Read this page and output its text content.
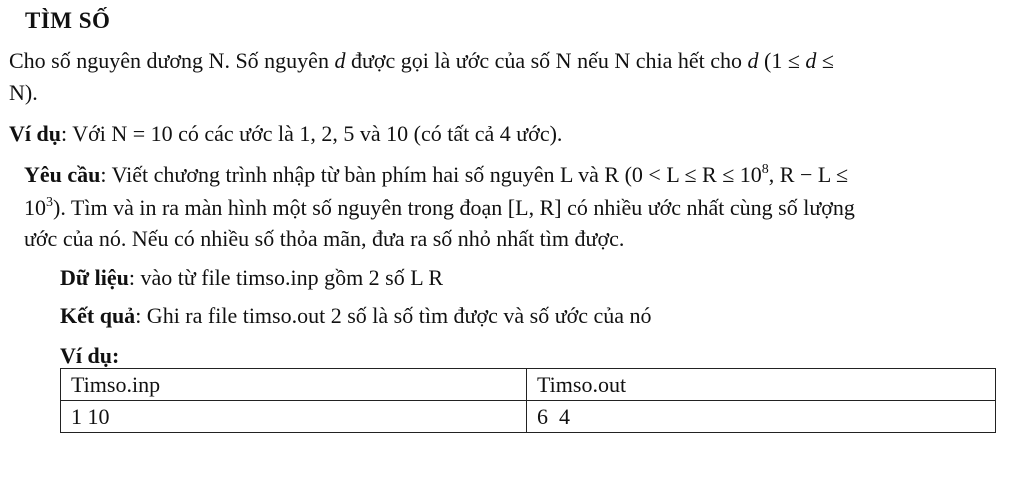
TÌM SỐ
Cho số nguyên dương N. Số nguyên d được gọi là ước của số N nếu N chia hết cho d (1 ≤ d ≤
N).
Ví dụ: Với N = 10 có các ước là 1, 2, 5 và 10 (có tất cả 4 ước).
Yêu cầu: Viết chương trình nhập từ bàn phím hai số nguyên L và R ($0 < L \le R \le 10^8$, R − L ≤
$10^3$). Tìm và in ra màn hình một số nguyên trong đoạn [L, R] có nhiều ước nhất cùng số lượng
ước của nó. Nếu có nhiều số thỏa mãn, đưa ra số nhỏ nhất tìm được.
Dữ liệu: vào từ file timso.inp gồm 2 số L R
Kết quả: Ghi ra file timso.out 2 số là số tìm được và số ước của nó
Ví dụ:
Timso.inp	Timso.out
1 10	6  4
